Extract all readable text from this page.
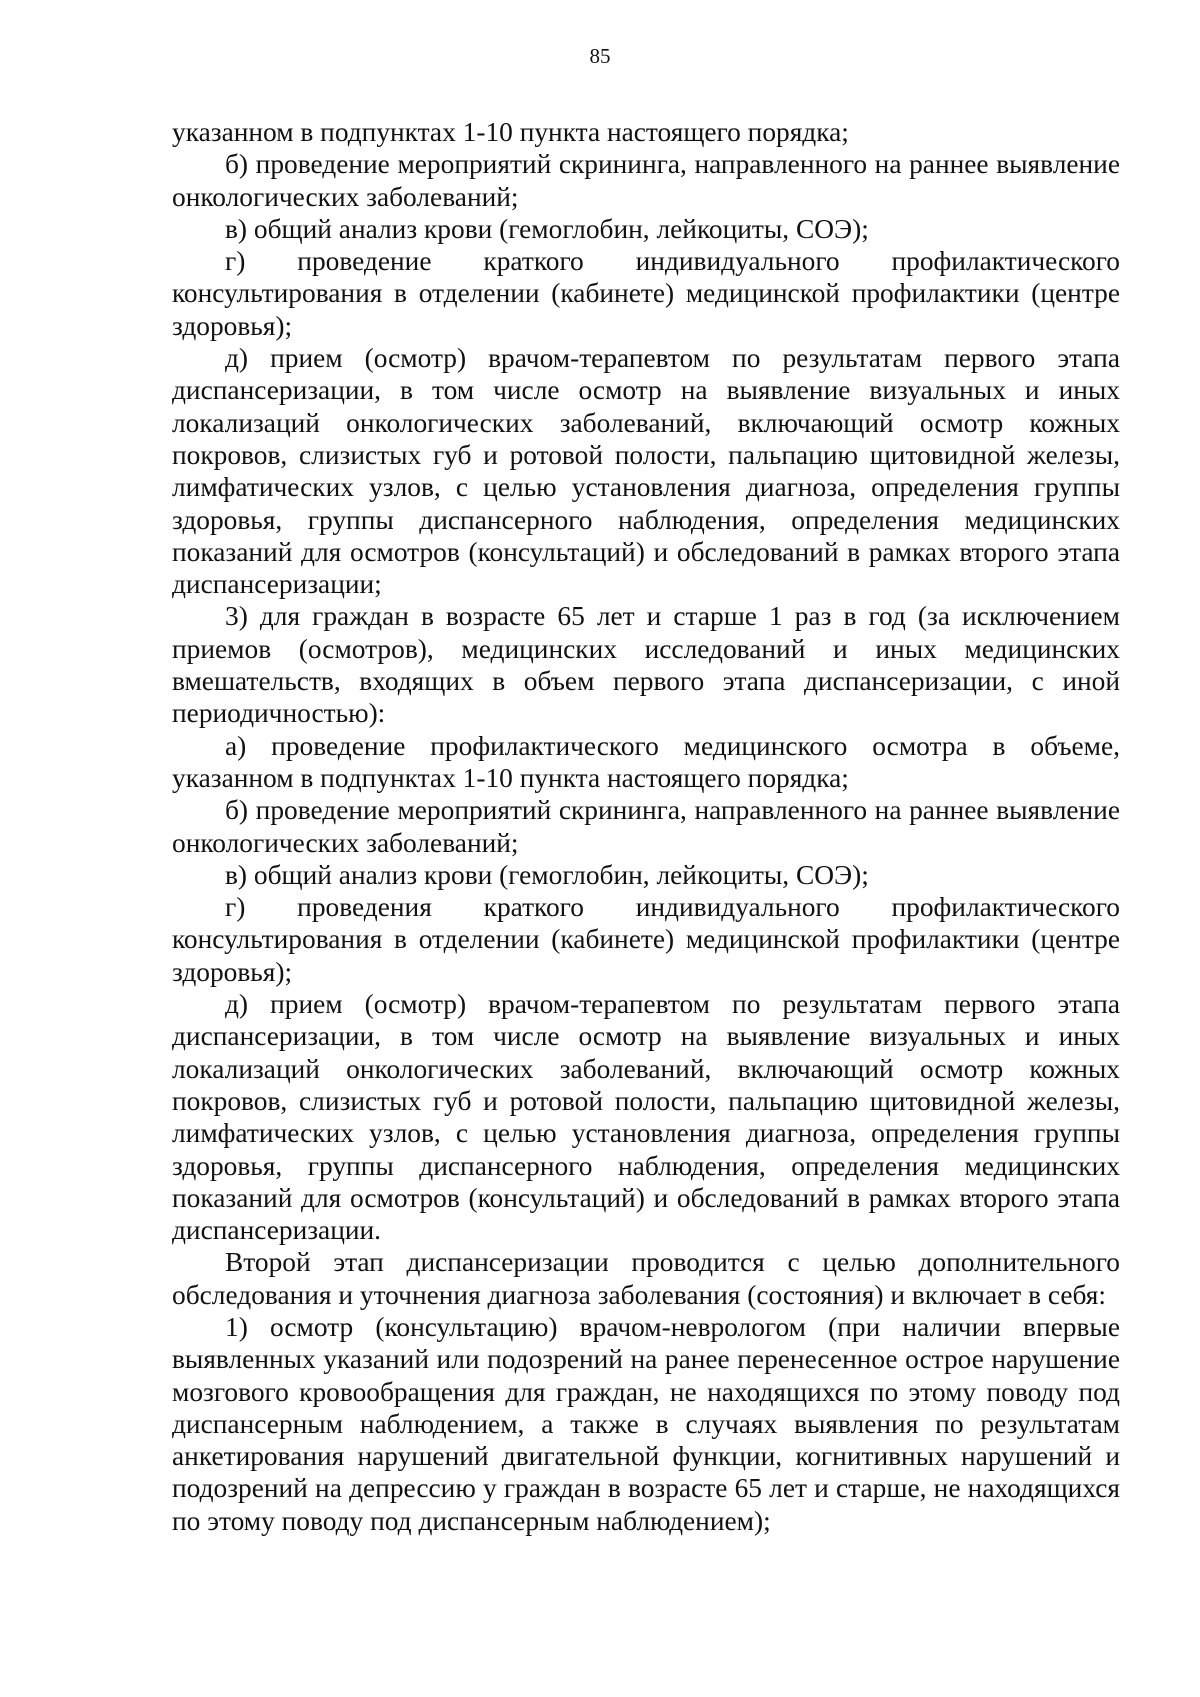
85

указанном в подпунктах 1-10 пункта настоящего порядка;

б) проведение мероприятий скрининга, направленного на раннее выявление онкологических заболеваний;

в) общий анализ крови (гемоглобин, лейкоциты, СОЭ);

г) проведение краткого индивидуального профилактического консультирования в отделении (кабинете) медицинской профилактики (центре здоровья);

д) прием (осмотр) врачом-терапевтом по результатам первого этапа диспансеризации, в том числе осмотр на выявление визуальных и иных локализаций онкологических заболеваний, включающий осмотр кожных покровов, слизистых губ и ротовой полости, пальпацию щитовидной железы, лимфатических узлов, с целью установления диагноза, определения группы здоровья, группы диспансерного наблюдения, определения медицинских показаний для осмотров (консультаций) и обследований в рамках второго этапа диспансеризации;

3) для граждан в возрасте 65 лет и старше 1 раз в год (за исключением приемов (осмотров), медицинских исследований и иных медицинских вмешательств, входящих в объем первого этапа диспансеризации, с иной периодичностью):

а) проведение профилактического медицинского осмотра в объеме, указанном в подпунктах 1-10 пункта настоящего порядка;

б) проведение мероприятий скрининга, направленного на раннее выявление онкологических заболеваний;

в) общий анализ крови (гемоглобин, лейкоциты, СОЭ);

г) проведения краткого индивидуального профилактического консультирования в отделении (кабинете) медицинской профилактики (центре здоровья);

д) прием (осмотр) врачом-терапевтом по результатам первого этапа диспансеризации, в том числе осмотр на выявление визуальных и иных локализаций онкологических заболеваний, включающий осмотр кожных покровов, слизистых губ и ротовой полости, пальпацию щитовидной железы, лимфатических узлов, с целью установления диагноза, определения группы здоровья, группы диспансерного наблюдения, определения медицинских показаний для осмотров (консультаций) и обследований в рамках второго этапа диспансеризации.

Второй этап диспансеризации проводится с целью дополнительного обследования и уточнения диагноза заболевания (состояния) и включает в себя:

1) осмотр (консультацию) врачом-неврологом (при наличии впервые выявленных указаний или подозрений на ранее перенесенное острое нарушение мозгового кровообращения для граждан, не находящихся по этому поводу под диспансерным наблюдением, а также в случаях выявления по результатам анкетирования нарушений двигательной функции, когнитивных нарушений и подозрений на депрессию у граждан в возрасте 65 лет и старше, не находящихся по этому поводу под диспансерным наблюдением);
